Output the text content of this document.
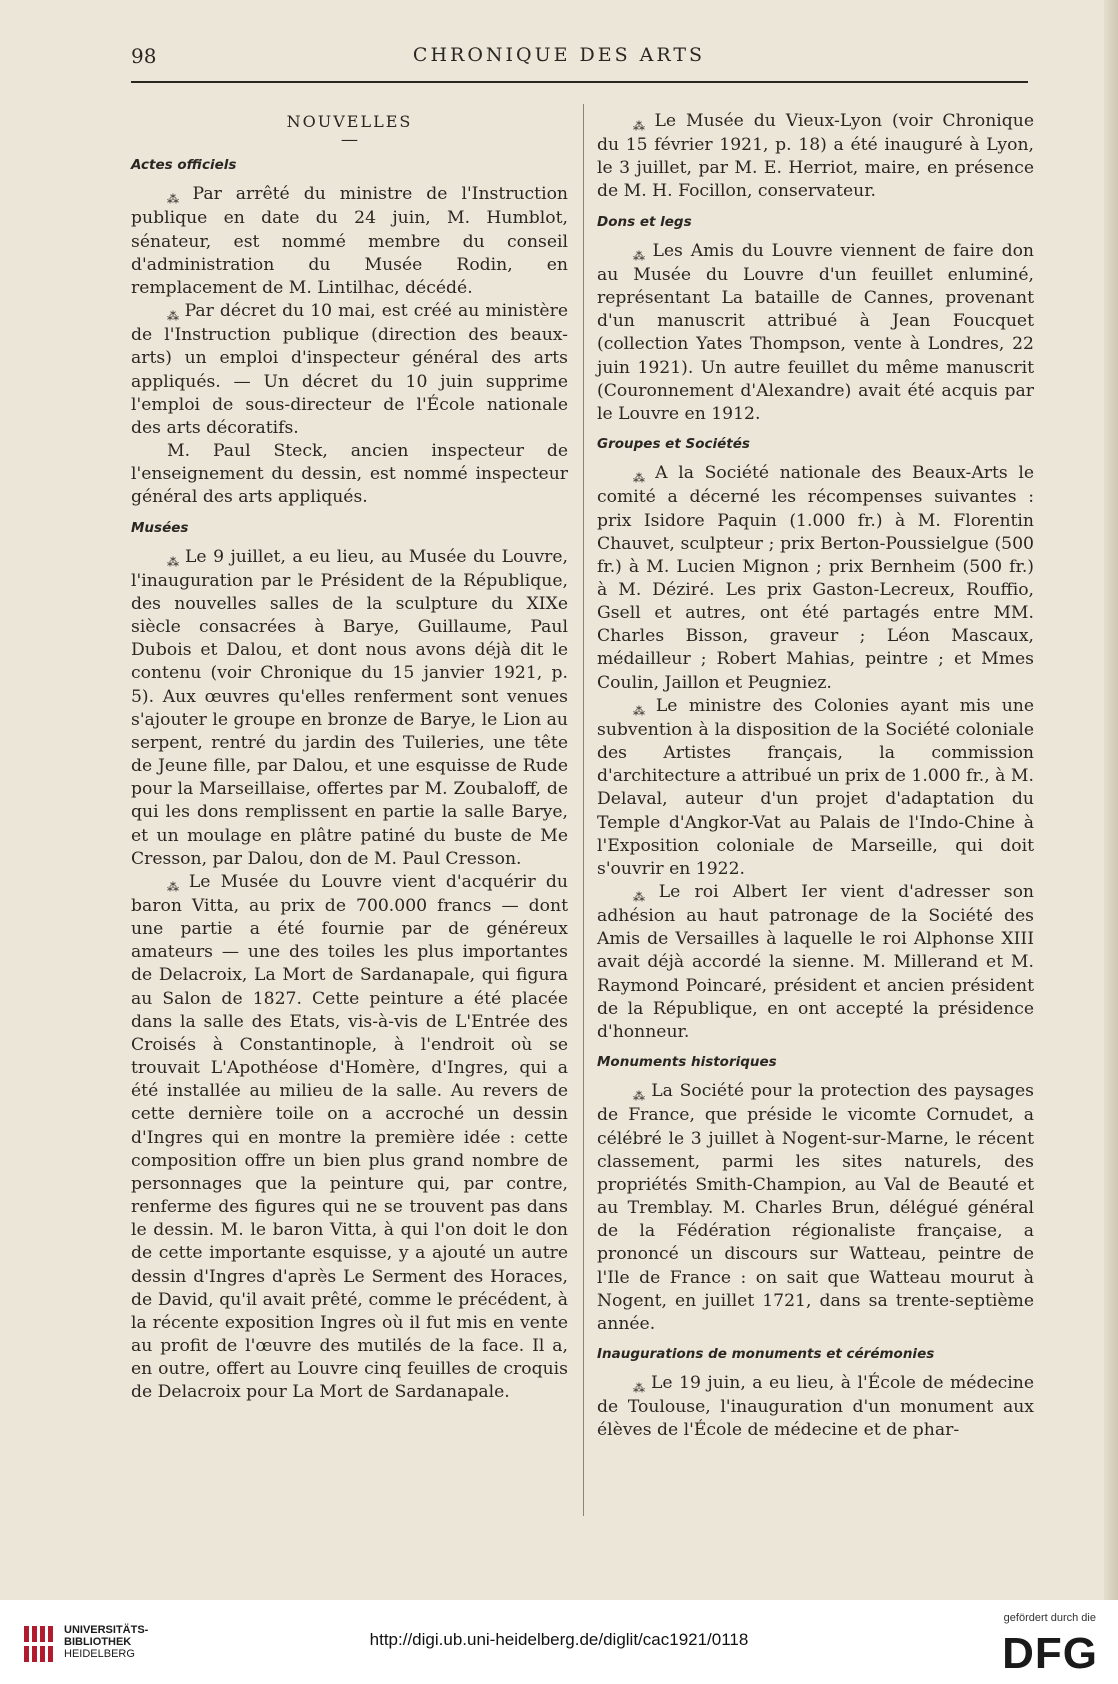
98	CHRONIQUE DES ARTS

NOUVELLES

—

Actes officiels

$_⁂$ Par arrêté du ministre de l'Instruction publique en date du 24 juin, M. Humblot, sénateur, est nommé membre du conseil d'administration du Musée Rodin, en remplacement de M. Lintilhac, décédé.

$_⁂$ Par décret du 10 mai, est créé au ministère de l'Instruction publique (direction des beaux-arts) un emploi d'inspecteur général des arts appliqués. — Un décret du 10 juin supprime l'emploi de sous-directeur de l'École nationale des arts décoratifs.

M. Paul Steck, ancien inspecteur de l'enseignement du dessin, est nommé inspecteur général des arts appliqués.

Musées

$_⁂$ Le 9 juillet, a eu lieu, au Musée du Louvre, l'inauguration par le Président de la République, des nouvelles salles de la sculpture du XIXe siècle consacrées à Barye, Guillaume, Paul Dubois et Dalou, et dont nous avons déjà dit le contenu (voir Chronique du 15 janvier 1921, p. 5). Aux œuvres qu'elles renferment sont venues s'ajouter le groupe en bronze de Barye, le Lion au serpent, rentré du jardin des Tuileries, une tête de Jeune fille, par Dalou, et une esquisse de Rude pour la Marseillaise, offertes par M. Zoubaloff, de qui les dons remplissent en partie la salle Barye, et un moulage en plâtre patiné du buste de Me Cresson, par Dalou, don de M. Paul Cresson.

$_⁂$ Le Musée du Louvre vient d'acquérir du baron Vitta, au prix de 700.000 francs — dont une partie a été fournie par de généreux amateurs — une des toiles les plus importantes de Delacroix, La Mort de Sardanapale, qui figura au Salon de 1827. Cette peinture a été placée dans la salle des Etats, vis-à-vis de L'Entrée des Croisés à Constantinople, à l'endroit où se trouvait L'Apothéose d'Homère, d'Ingres, qui a été installée au milieu de la salle. Au revers de cette dernière toile on a accroché un dessin d'Ingres qui en montre la première idée : cette composition offre un bien plus grand nombre de personnages que la peinture qui, par contre, renferme des figures qui ne se trouvent pas dans le dessin. M. le baron Vitta, à qui l'on doit le don de cette importante esquisse, y a ajouté un autre dessin d'Ingres d'après Le Serment des Horaces, de David, qu'il avait prêté, comme le précédent, à la récente exposition Ingres où il fut mis en vente au profit de l'œuvre des mutilés de la face. Il a, en outre, offert au Louvre cinq feuilles de croquis de Delacroix pour La Mort de Sardanapale.

$_⁂$ Le Musée du Vieux-Lyon (voir Chronique du 15 février 1921, p. 18) a été inauguré à Lyon, le 3 juillet, par M. E. Herriot, maire, en présence de M. H. Focillon, conservateur.

Dons et legs

$_⁂$ Les Amis du Louvre viennent de faire don au Musée du Louvre d'un feuillet enluminé, représentant La bataille de Cannes, provenant d'un manuscrit attribué à Jean Foucquet (collection Yates Thompson, vente à Londres, 22 juin 1921). Un autre feuillet du même manuscrit (Couronnement d'Alexandre) avait été acquis par le Louvre en 1912.

Groupes et Sociétés

$_⁂$ A la Société nationale des Beaux-Arts le comité a décerné les récompenses suivantes : prix Isidore Paquin (1.000 fr.) à M. Florentin Chauvet, sculpteur ; prix Berton-Poussielgue (500 fr.) à M. Lucien Mignon ; prix Bernheim (500 fr.) à M. Déziré. Les prix Gaston-Lecreux, Rouffio, Gsell et autres, ont été partagés entre MM. Charles Bisson, graveur ; Léon Mascaux, médailleur ; Robert Mahias, peintre ; et Mmes Coulin, Jaillon et Peugniez.

$_⁂$ Le ministre des Colonies ayant mis une subvention à la disposition de la Société coloniale des Artistes français, la commission d'architecture a attribué un prix de 1.000 fr., à M. Delaval, auteur d'un projet d'adaptation du Temple d'Angkor-Vat au Palais de l'Indo-Chine à l'Exposition coloniale de Marseille, qui doit s'ouvrir en 1922.

$_⁂$ Le roi Albert Ier vient d'adresser son adhésion au haut patronage de la Société des Amis de Versailles à laquelle le roi Alphonse XIII avait déjà accordé la sienne. M. Millerand et M. Raymond Poincaré, président et ancien président de la République, en ont accepté la présidence d'honneur.

Monuments historiques

$_⁂$ La Société pour la protection des paysages de France, que préside le vicomte Cornudet, a célébré le 3 juillet à Nogent-sur-Marne, le récent classement, parmi les sites naturels, des propriétés Smith-Champion, au Val de Beauté et au Tremblay. M. Charles Brun, délégué général de la Fédération régionaliste française, a prononcé un discours sur Watteau, peintre de l'Ile de France : on sait que Watteau mourut à Nogent, en juillet 1721, dans sa trente-septième année.

Inaugurations de monuments et cérémonies

$_⁂$ Le 19 juin, a eu lieu, à l'École de médecine de Toulouse, l'inauguration d'un monument aux élèves de l'École de médecine et de phar-

UNIVERSITÄTS-
BIBLIOTHEK
HEIDELBERG
http://digi.ub.uni-heidelberg.de/diglit/cac1921/0118
gefördert durch die
DFG
